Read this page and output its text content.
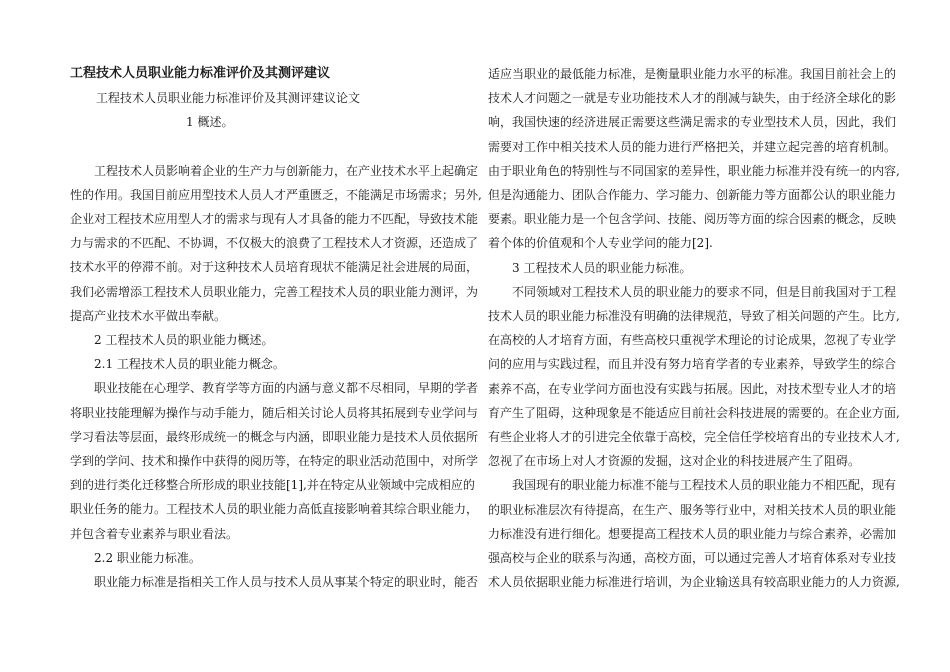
工程技术人员职业能力标准评价及其测评建议
工程技术人员职业能力标准评价及其测评建议论文
1 概述。
工程技术人员影响着企业的生产力与创新能力，在产业技术水平上起确定
性的作用。我国目前应用型技术人员人才严重匮乏，不能满足市场需求；另外,
企业对工程技术应用型人才的需求与现有人才具备的能力不匹配，导致技术能
力与需求的不匹配、不协调，不仅极大的浪费了工程技术人才资源，还造成了
技术水平的停滞不前。对于这种技术人员培育现状不能满足社会进展的局面，
我们必需增添工程技术人员职业能力，完善工程技术人员的职业能力测评，为
提高产业技术水平做出奉献。
2 工程技术人员的职业能力概述。
2.1 工程技术人员的职业能力概念。
职业技能在心理学、教育学等方面的内涵与意义都不尽相同，早期的学者
将职业技能理解为操作与动手能力，随后相关讨论人员将其拓展到专业学问与
学习看法等层面，最终形成统一的概念与内涵，即职业能力是技术人员依据所
学到的学问、技术和操作中获得的阅历等，在特定的职业活动范围中，对所学
到的进行类化迁移整合所形成的职业技能[1],并在特定从业领域中完成相应的
职业任务的能力。工程技术人员的职业能力高低直接影响着其综合职业能力，
并包含着专业素养与职业看法。
2.2 职业能力标准。
职业能力标准是指相关工作人员与技术人员从事某个特定的职业时，能否
适应当职业的最低能力标准，是衡量职业能力水平的标准。我国目前社会上的
技术人才问题之一就是专业功能技术人才的削减与缺失，由于经济全球化的影
响，我国快速的经济进展正需要这些满足需求的专业型技术人员，因此，我们
需要对工作中相关技术人员的能力进行严格把关，并建立起完善的培育机制。
由于职业角色的特别性与不同国家的差异性，职业能力标准并没有统一的内容,
但是沟通能力、团队合作能力、学习能力、创新能力等方面都公认的职业能力
要素。职业能力是一个包含学问、技能、阅历等方面的综合因素的概念，反映
着个体的价值观和个人专业学问的能力[2].
3 工程技术人员的职业能力标准。
不同领域对工程技术人员的职业能力的要求不同，但是目前我国对于工程
技术人员的职业能力标准没有明确的法律规范，导致了相关问题的产生。比方,
在高校的人才培育方面，有些高校只重视学术理论的讨论成果，忽视了专业学
问的应用与实践过程，而且并没有努力培育学者的专业素养，导致学生的综合
素养不高，在专业学问方面也没有实践与拓展。因此，对技术型专业人才的培
育产生了阻碍，这种现象是不能适应目前社会科技进展的需要的。在企业方面,
有些企业将人才的引进完全依靠于高校，完全信任学校培育出的专业技术人才,
忽视了在市场上对人才资源的发掘，这对企业的科技进展产生了阻碍。
我国现有的职业能力标准不能与工程技术人员的职业能力不相匹配，现有
的职业标准层次有待提高，在生产、服务等行业中，对相关技术人员的职业能
力标准没有进行细化。想要提高工程技术人员的职业能力与综合素养，必需加
强高校与企业的联系与沟通，高校方面，可以通过完善人才培育体系对专业技
术人员依据职业能力标准进行培训，为企业输送具有较高职业能力的人力资源,
